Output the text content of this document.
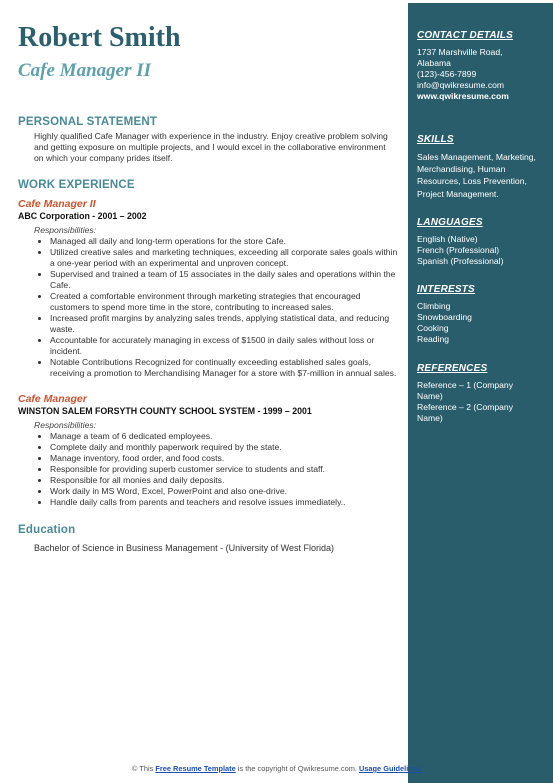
Robert Smith
Cafe Manager II
PERSONAL STATEMENT
Highly qualified Cafe Manager with experience in the industry. Enjoy creative problem solving and getting exposure on multiple projects, and I would excel in the collaborative environment on which your company prides itself.
WORK EXPERIENCE
Cafe Manager II
ABC Corporation - 2001 – 2002
Responsibilities:
• Managed all daily and long-term operations for the store Cafe.
• Utilized creative sales and marketing techniques, exceeding all corporate sales goals within a one-year period with an experimental and unproven concept.
• Supervised and trained a team of 15 associates in the daily sales and operations within the Cafe.
• Created a comfortable environment through marketing strategies that encouraged customers to spend more time in the store, contributing to increased sales.
• Increased profit margins by analyzing sales trends, applying statistical data, and reducing waste.
• Accountable for accurately managing in excess of $1500 in daily sales without loss or incident.
• Notable Contributions Recognized for continually exceeding established sales goals, receiving a promotion to Merchandising Manager for a store with $7-million in annual sales.
Cafe Manager
WINSTON SALEM FORSYTH COUNTY SCHOOL SYSTEM - 1999 – 2001
Responsibilities:
• Manage a team of 6 dedicated employees.
• Complete daily and monthly paperwork required by the state.
• Manage inventory, food order, and food costs.
• Responsible for providing superb customer service to students and staff.
• Responsible for all monies and daily deposits.
• Work daily in MS Word, Excel, PowerPoint and also one-drive.
• Handle daily calls from parents and teachers and resolve issues immediately..
Education
Bachelor of Science in Business Management - (University of West Florida)
CONTACT DETAILS
1737 Marshville Road,
Alabama
(123)-456-7899
info@qwikresume.com
www.qwikresume.com
SKILLS
Sales Management, Marketing, Merchandising, Human Resources, Loss Prevention, Project Management.
LANGUAGES
English (Native)
French (Professional)
Spanish (Professional)
INTERESTS
Climbing
Snowboarding
Cooking
Reading
REFERENCES
Reference – 1 (Company Name)
Reference – 2 (Company Name)
© This Free Resume Template is the copyright of Qwikresume.com. Usage Guidelines
